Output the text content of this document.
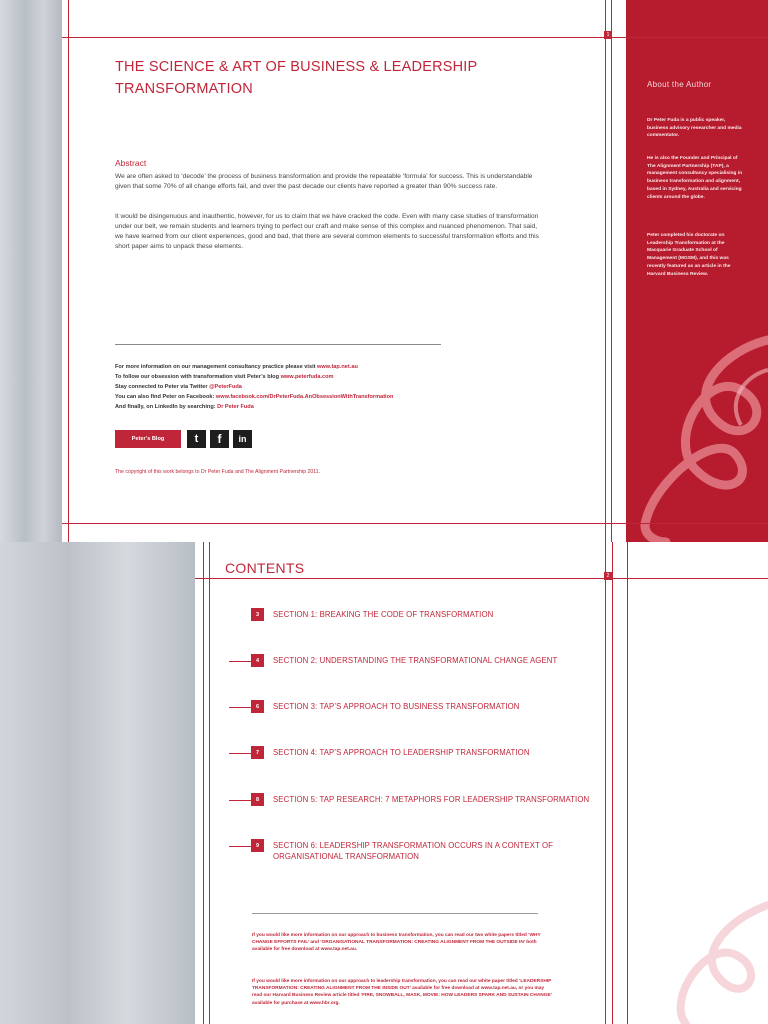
1
2
THE SCIENCE & ART OF BUSINESS & LEADERSHIP TRANSFORMATION
Abstract
We are often asked to ‘decode’ the process of business transformation and provide the repeatable ‘formula’ for success. This is understandable given that some 70% of all change efforts fail, and over the past decade our clients have reported a greater than 90% success rate.
It would be disingenuous and inauthentic, however, for us to claim that we have cracked the code. Even with many case studies of transformation under our belt, we remain students and learners trying to perfect our craft and make sense of this complex and nuanced phenomenon. That said, we have learned from our client experiences, good and bad, that there are several common elements to successful transformation efforts and this short paper aims to unpack these elements.
For more information on our management consultancy practice please visit www.tap.net.au
To follow our obsession with transformation visit Peter’s blog www.peterfuda.com
Stay connected to Peter via Twitter @PeterFuda
You can also find Peter on Facebook: www.facebook.com/DrPeterFuda.AnObsessionWithTransformation
And finally, on LinkedIn by searching: Dr Peter Fuda
Peter’s Blog	t	f	in
The copyright of this work belongs to Dr Peter Fuda and The Alignment Partnership 2011.
About the Author
Dr Peter Fuda is a public speaker, business advisory researcher and media commentator.
He is also the Founder and Principal of The Alignment Partnership (TAP), a management consultancy specialising in business transformation and alignment, based in Sydney, Australia and servicing clients around the globe.
Peter completed his doctorate on Leadership Transformation at the Macquarie Graduate School of Management (MGSM), and this was recently featured as an article in the Harvard Business Review.
CONTENTS
3	SECTION 1: BREAKING THE CODE OF TRANSFORMATION
4	SECTION 2: UNDERSTANDING THE TRANSFORMATIONAL CHANGE AGENT
6	SECTION 3: TAP’S APPROACH TO BUSINESS TRANSFORMATION
7	SECTION 4: TAP’S APPROACH TO LEADERSHIP TRANSFORMATION
8	SECTION 5: TAP RESEARCH: 7 METAPHORS FOR LEADERSHIP TRANSFORMATION
9	SECTION 6: LEADERSHIP TRANSFORMATION OCCURS IN A CONTEXT OF ORGANISATIONAL TRANSFORMATION
If you would like more information on our approach to business transformation, you can read our two white papers titled ‘WHY CHANGE EFFORTS FAIL’ and ‘ORGANISATIONAL TRANSFORMATION: CREATING ALIGNMENT FROM THE OUTSIDE IN’ both available for free download at www.tap.net.au.
If you would like more information on our approach to leadership transformation, you can read our white paper titled ‘LEADERSHIP TRANSFORMATION: CREATING ALIGNMENT FROM THE INSIDE OUT’ available for free download at www.tap.net.au, or you may read our Harvard Business Review article titled ‘FIRE, SNOWBALL, MASK, MOVIE: HOW LEADERS SPARK AND SUSTAIN CHANGE’ available for purchase at www.hbr.org.
